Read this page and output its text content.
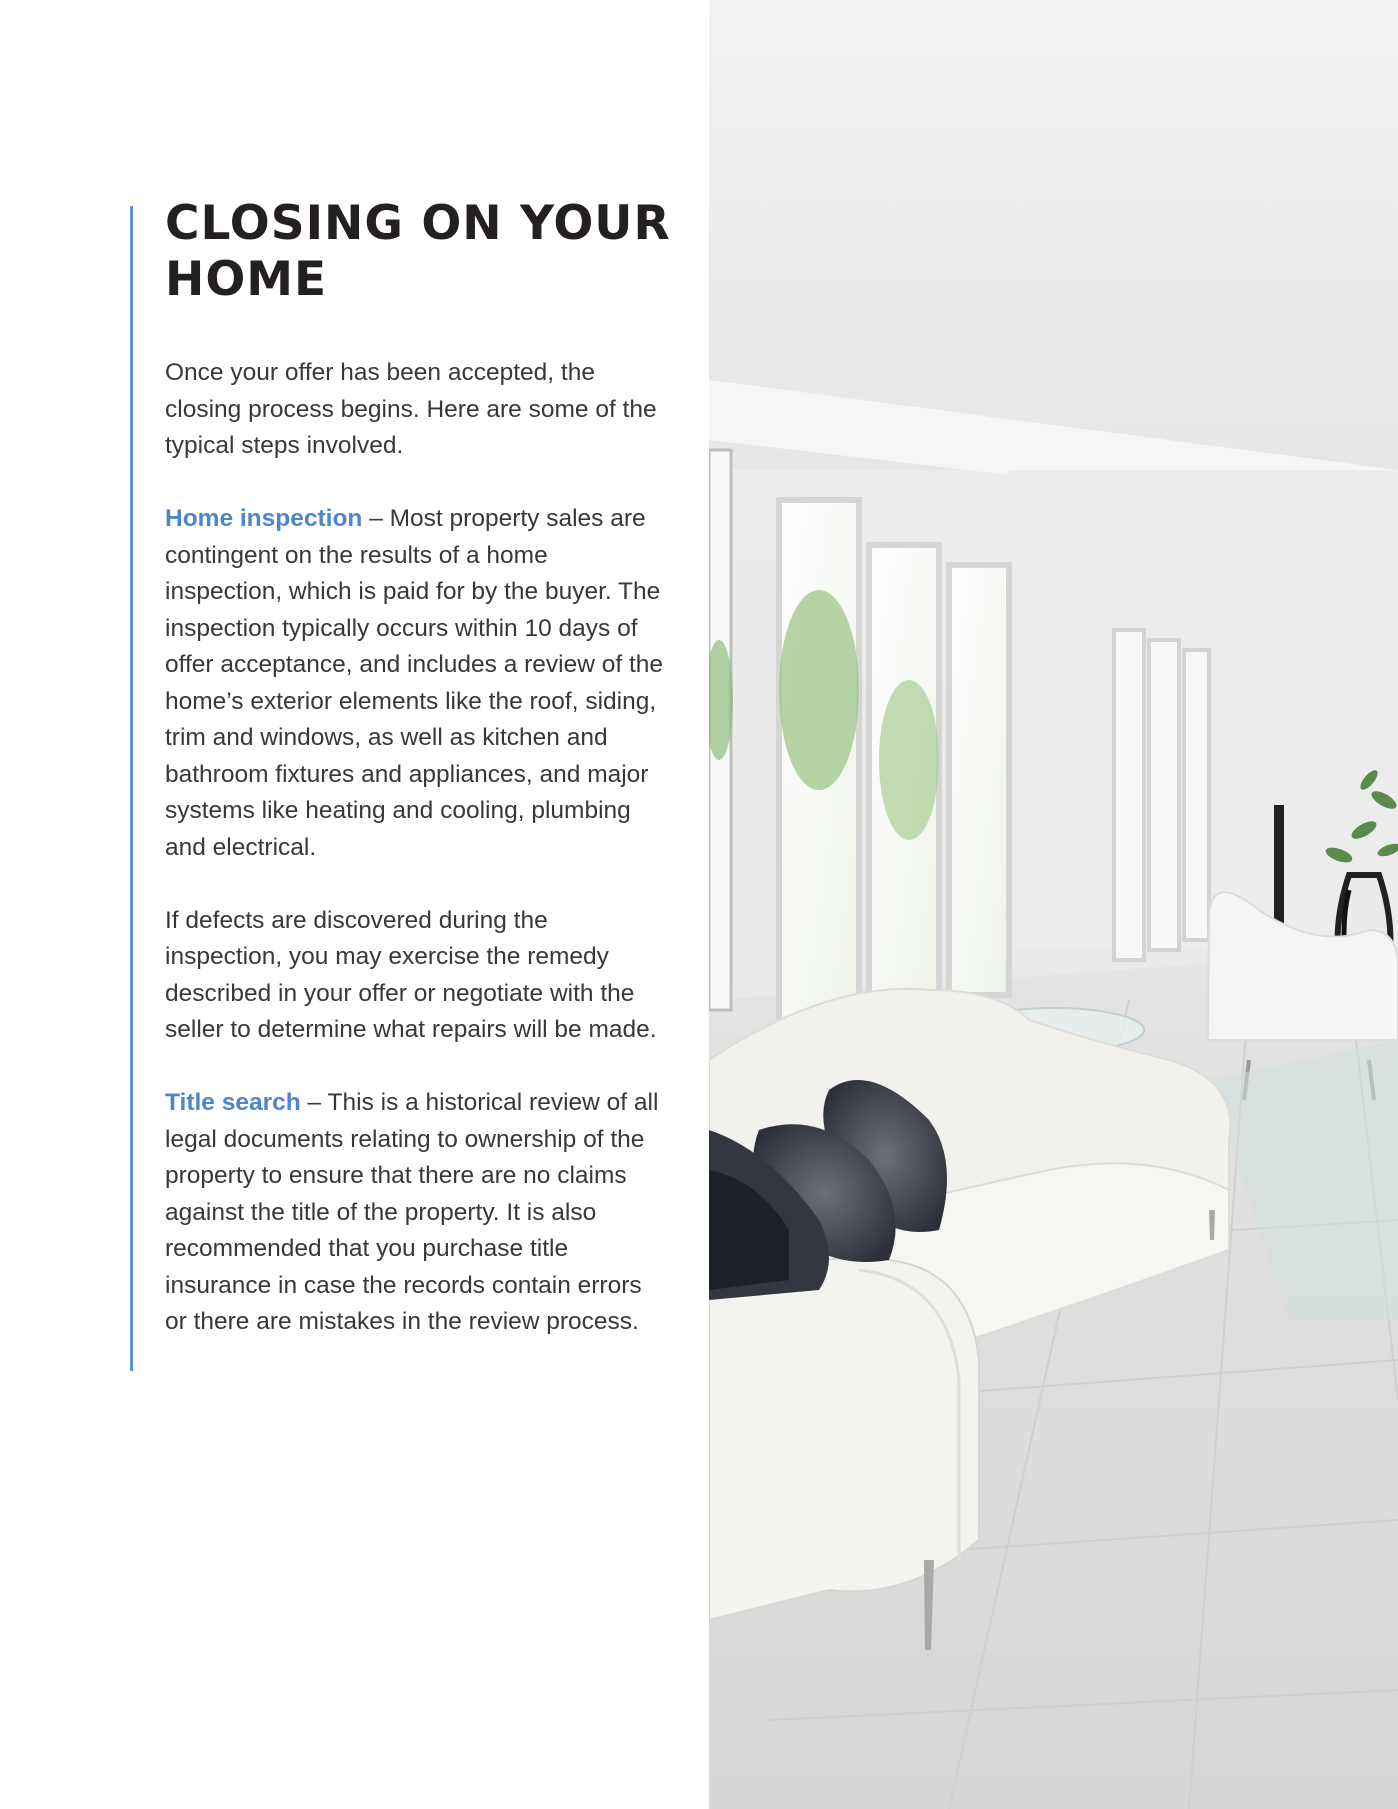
CLOSING ON YOUR HOME

Once your offer has been accepted, the closing process begins. Here are some of the typical steps involved.

Home inspection – Most property sales are contingent on the results of a home inspection, which is paid for by the buyer. The inspection typically occurs within 10 days of offer acceptance, and includes a review of the home’s exterior elements like the roof, siding, trim and windows, as well as kitchen and bathroom fixtures and appliances, and major systems like heating and cooling, plumbing and electrical.

If defects are discovered during the inspection, you may exercise the remedy described in your offer or negotiate with the seller to determine what repairs will be made.

Title search – This is a historical review of all legal documents relating to ownership of the property to ensure that there are no claims against the title of the property. It is also recommended that you purchase title insurance in case the records contain errors or there are mistakes in the review process.
